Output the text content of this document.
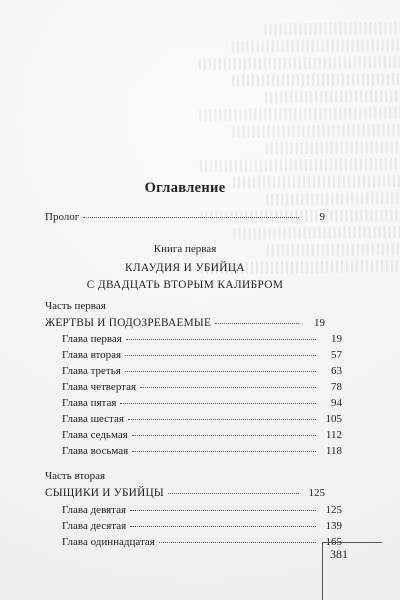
Оглавление
Пролог	9
Книга первая
КЛАУДИЯ И УБИЙЦА
С ДВАДЦАТЬ ВТОРЫМ КАЛИБРОМ
Часть первая
ЖЕРТВЫ И ПОДОЗРЕВАЕМЫЕ	19
Глава первая	19
Глава вторая	57
Глава третья	63
Глава четвертая	78
Глава пятая	94
Глава шестая	105
Глава седьмая	112
Глава восьмая	118
Часть вторая
СЫЩИКИ И УБИЙЦЫ	125
Глава девятая	125
Глава десятая	139
Глава одиннадцатая	165
381
